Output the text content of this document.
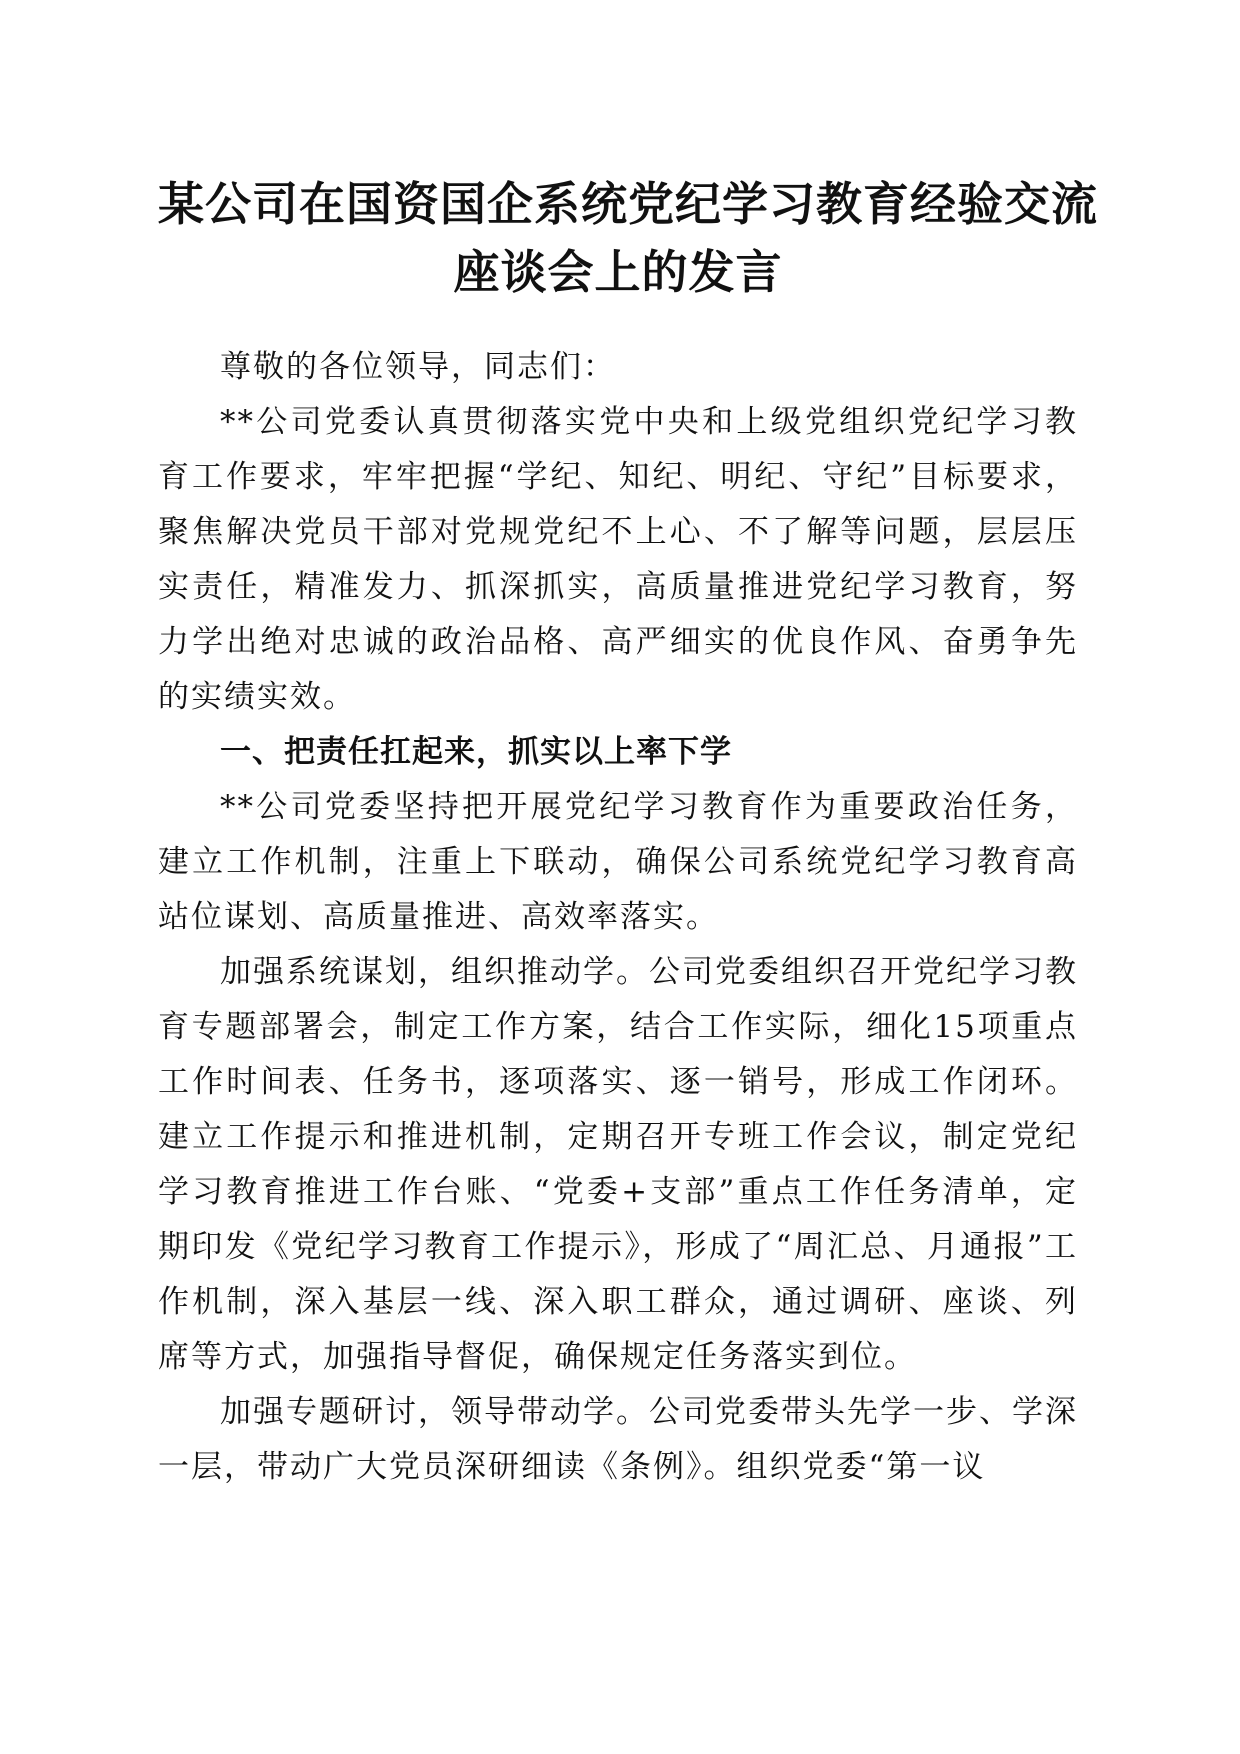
某公司在国资国企系统党纪学习教育经验交流
座谈会上的发言

尊敬的各位领导，同志们：

**公司党委认真贯彻落实党中央和上级党组织党纪学习教育工作要求，牢牢把握“学纪、知纪、明纪、守纪”目标要求，聚焦解决党员干部对党规党纪不上心、不了解等问题，层层压实责任，精准发力、抓深抓实，高质量推进党纪学习教育，努力学出绝对忠诚的政治品格、高严细实的优良作风、奋勇争先的实绩实效。

一、把责任扛起来，抓实以上率下学

**公司党委坚持把开展党纪学习教育作为重要政治任务，建立工作机制，注重上下联动，确保公司系统党纪学习教育高站位谋划、高质量推进、高效率落实。

加强系统谋划，组织推动学。公司党委组织召开党纪学习教育专题部署会，制定工作方案，结合工作实际，细化15项重点工作时间表、任务书，逐项落实、逐一销号，形成工作闭环。建立工作提示和推进机制，定期召开专班工作会议，制定党纪学习教育推进工作台账、“党委+支部”重点工作任务清单，定期印发《党纪学习教育工作提示》，形成了“周汇总、月通报”工作机制，深入基层一线、深入职工群众，通过调研、座谈、列席等方式，加强指导督促，确保规定任务落实到位。

加强专题研讨，领导带动学。公司党委带头先学一步、学深一层，带动广大党员深研细读《条例》。组织党委“第一议
